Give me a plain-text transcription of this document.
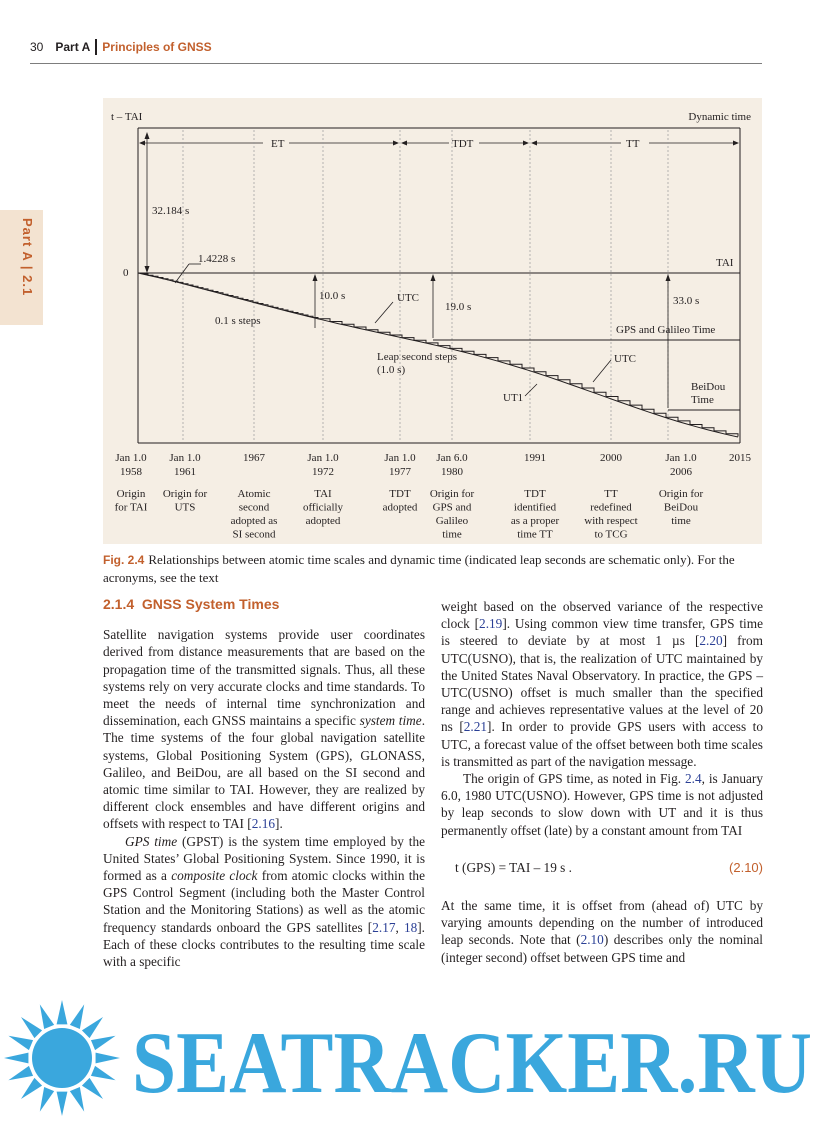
30 Part A Principles of GNSS
Part A | 2.1
t – TAI	Dynamic time
0
ET	TDT	TT
32.184 s
1.4228 s
10.0 s
19.0 s	33.0 s
TAI
UTC
0.1 s steps
GPS and Galileo Time
Leap second steps
(1.0 s)
UTC
UT1
BeiDou
Time
Jan 1.0
1958
Origin
for TAI
Jan 1.0
1961
Origin for
UTS
1967
Atomic
second
adopted as
SI second
Jan 1.0
1972
TAI
officially
adopted
Jan 1.0
1977
TDT
adopted
Jan 6.0
1980
Origin for
GPS and
Galileo
time
1991
TDT
identified
as a proper
time TT
2000
TT
redefined
with respect
to TCG
Jan 1.0
2006
Origin for
BeiDou
time
2015
Fig. 2.4 Relationships between atomic time scales and dynamic time (indicated leap seconds are schematic only). For the acronyms, see the text
2.1.4 GNSS System Times

Satellite navigation systems provide user coordinates derived from distance measurements that are based on the propagation time of the transmitted signals. Thus, all these systems rely on very accurate clocks and time standards. To meet the needs of internal time synchronization and dissemination, each GNSS maintains a specific system time. The time systems of the four global navigation satellite systems, Global Positioning System (GPS), GLONASS, Galileo, and BeiDou, are all based on the SI second and atomic time similar to TAI. However, they are realized by different clock ensembles and have different origins and offsets with respect to TAI [2.16].

GPS time (GPST) is the system time employed by the United States’ Global Positioning System. Since 1990, it is formed as a composite clock from atomic clocks within the GPS Control Segment (including both the Master Control Station and the Monitoring Stations) as well as the atomic frequency standards onboard the GPS satellites [2.17, 18]. Each of these clocks contributes to the resulting time scale with a specific

weight based on the observed variance of the respective clock [2.19]. Using common view time transfer, GPS time is steered to deviate by at most 1 µs [2.20] from UTC(USNO), that is, the realization of UTC maintained by the United States Naval Observatory. In practice, the GPS – UTC(USNO) offset is much smaller than the specified range and achieves representative values at the level of 20 ns [2.21]. In order to provide GPS users with access to UTC, a forecast value of the offset between both time scales is transmitted as part of the navigation message.

The origin of GPS time, as noted in Fig. 2.4, is January 6.0, 1980 UTC(USNO). However, GPS time is not adjusted by leap seconds to slow down with UT and it is thus permanently offset (late) by a constant amount from TAI

t (GPS) = TAI – 19 s .	(2.10)

At the same time, it is offset from (ahead of) UTC by varying amounts depending on the number of introduced leap seconds. Note that (2.10) describes only the nominal (integer second) offset between GPS time and

SEATRACKER.RU
